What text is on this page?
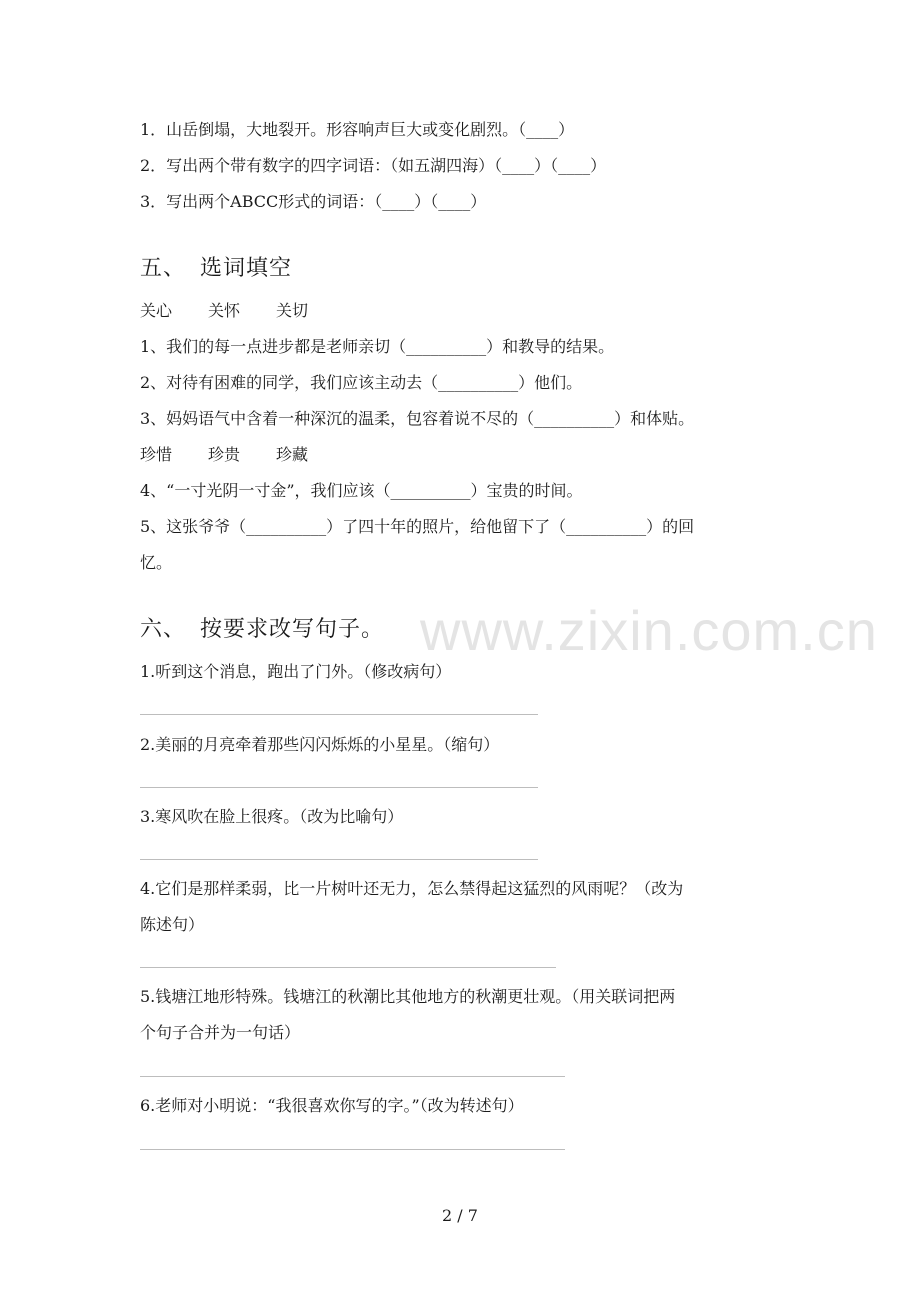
www.zixin.com.cn
1．山岳倒塌，大地裂开。形容响声巨大或变化剧烈。（____）
2．写出两个带有数字的四字词语：（如五湖四海）（____）（____）
3．写出两个ABCC形式的词语：（____）（____）
五、 选词填空
关心 关怀 关切
1、我们的每一点进步都是老师亲切（__________）和教导的结果。
2、对待有困难的同学，我们应该主动去（__________）他们。
3、妈妈语气中含着一种深沉的温柔，包容着说不尽的（__________）和体贴。
珍惜 珍贵 珍藏
4、“一寸光阴一寸金”，我们应该（__________）宝贵的时间。
5、这张爷爷（__________）了四十年的照片，给他留下了（__________）的回
忆。
六、 按要求改写句子。
1.听到这个消息，跑出了门外。（修改病句）
2.美丽的月亮牵着那些闪闪烁烁的小星星。（缩句）
3.寒风吹在脸上很疼。（改为比喻句）
4.它们是那样柔弱，比一片树叶还无力，怎么禁得起这猛烈的风雨呢？（改为
陈述句）
5.钱塘江地形特殊。钱塘江的秋潮比其他地方的秋潮更壮观。（用关联词把两
个句子合并为一句话）
6.老师对小明说：“我很喜欢你写的字。”（改为转述句）
2 / 7
